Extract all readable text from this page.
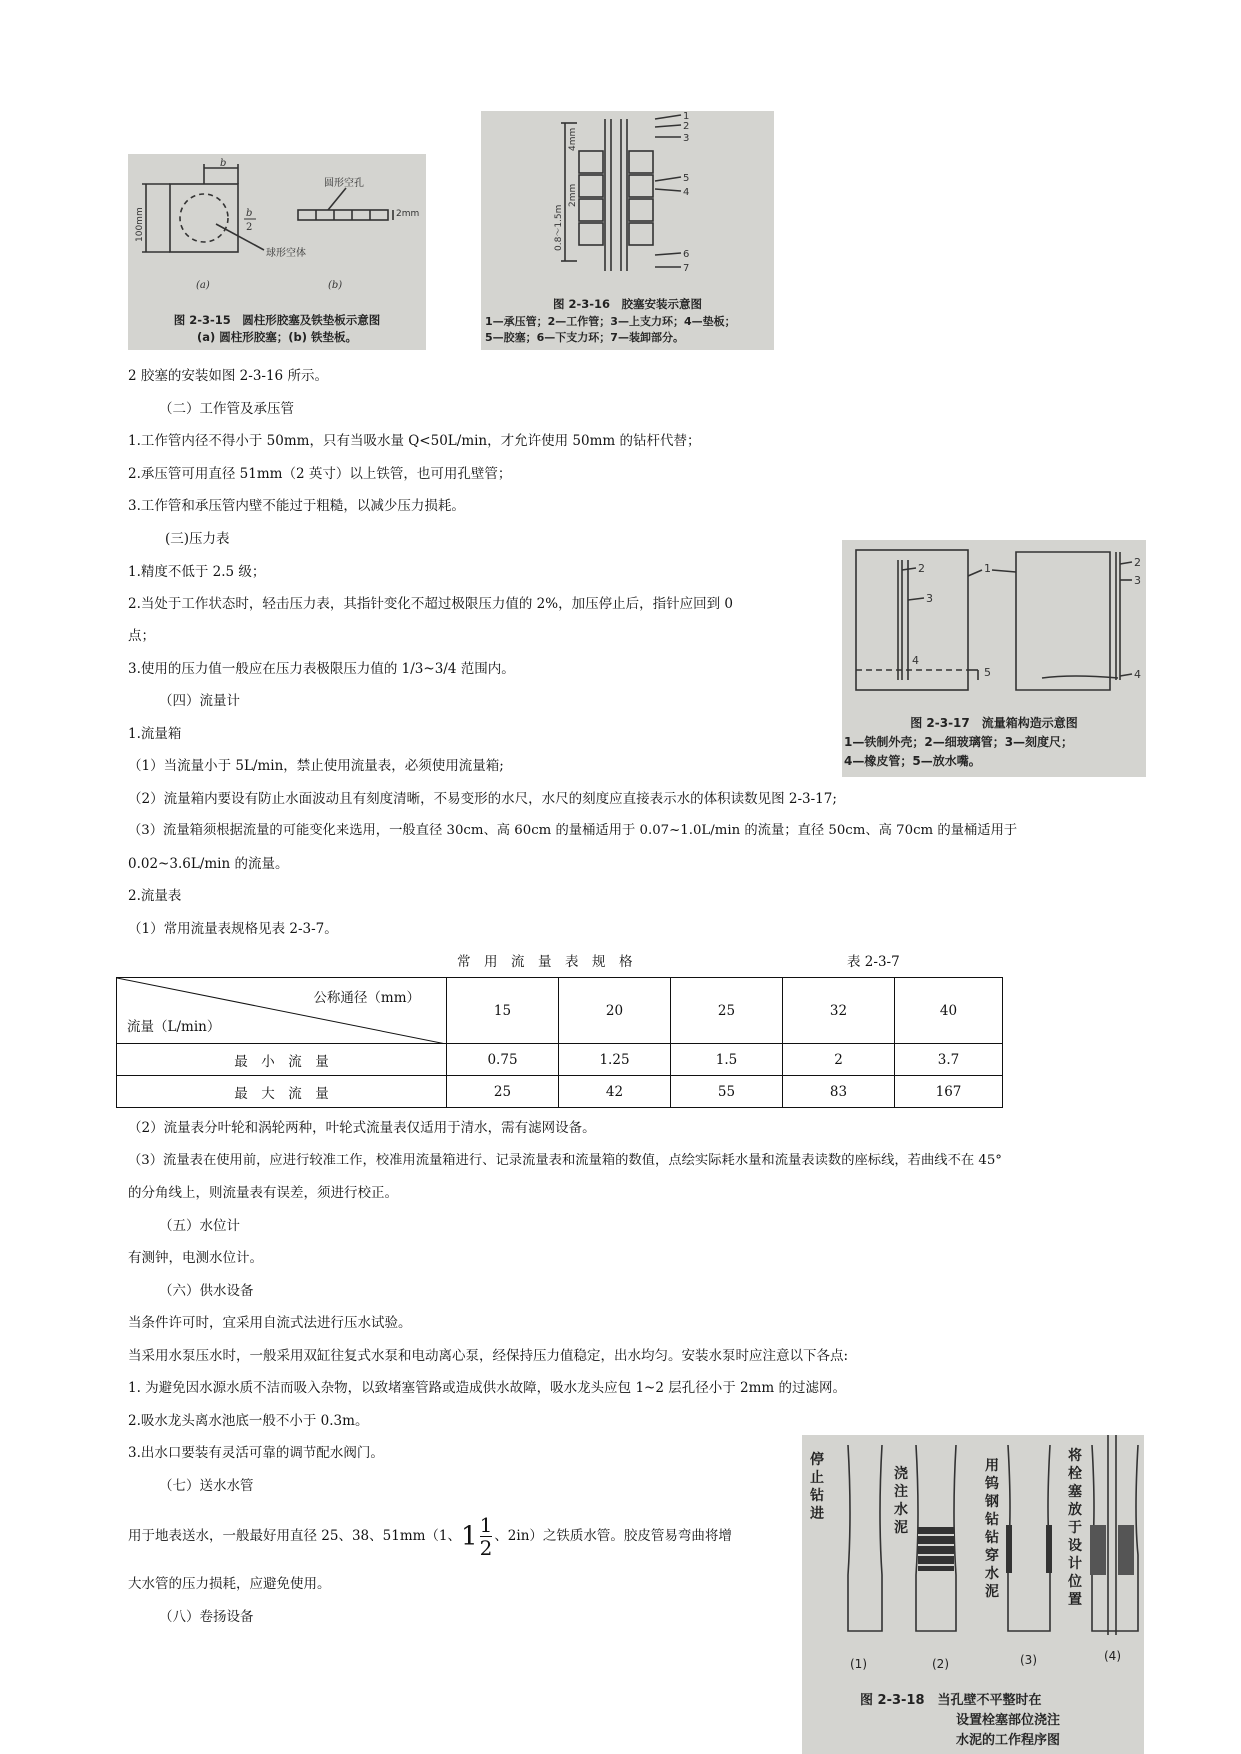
b
b
2
100mm
圆形空孔
2mm
球形空体
(a)	(b)
图 2-3-15　圆柱形胶塞及铁垫板示意图
(a) 圆柱形胶塞；(b) 铁垫板。
4mm
0.8～1.5m
2mm
1
2
3
5
4
6
7
图 2-3-16　胶塞安装示意图
1—承压管；2—工作管；3—上支力环；4—垫板；
5—胶塞；6—下支力环；7—装卸部分。
1
2
3
4
5
2
3
4
图 2-3-17　流量箱构造示意图
1—铁制外壳；2—细玻璃管；3—刻度尺；
4—橡皮管；5—放水嘴。
停止钻进
浇注水泥
用钨钢钻钻穿水泥
将栓塞放于设计位置
(1)	(2)	(3)	(4)
图 2-3-18　当孔壁不平整时在
设置栓塞部位浇注
水泥的工作程序图
2 胶塞的安装如图 2-3-16 所示。
（二）工作管及承压管
1.工作管内径不得小于 50mm，只有当吸水量 Q<50L/min，才允许使用 50mm 的钻杆代替；
2.承压管可用直径 51mm（2 英寸）以上铁管，也可用孔壁管；
3.工作管和承压管内壁不能过于粗糙，以减少压力损耗。
(三)压力表
1.精度不低于 2.5 级；
2.当处于工作状态时，轻击压力表，其指针变化不超过极限压力值的 2%，加压停止后，指针应回到 0
点；
3.使用的压力值一般应在压力表极限压力值的 1/3~3/4 范围内。
（四）流量计
1.流量箱
（1）当流量小于 5L/min，禁止使用流量表，必须使用流量箱;
（2）流量箱内要设有防止水面波动且有刻度清晰，不易变形的水尺，水尺的刻度应直接表示水的体积读数见图 2-3-17;
（3）流量箱须根据流量的可能变化来选用，一般直径 30cm、高 60cm 的量桶适用于 0.07~1.0L/min 的流量；直径 50cm、高 70cm 的量桶适用于
0.02~3.6L/min 的流量。
2.流量表
（1）常用流量表规格见表 2-3-7。
常　用　流　量　表　规　格	表 2-3-7
公称通径（mm）
流量（L/min）	15	20	25	32	40
最　小　流　量	0.75	1.25	1.5	2	3.7
最　大　流　量	25	42	55	83	167
（2）流量表分叶轮和涡轮两种，叶轮式流量表仅适用于清水，需有滤网设备。
（3）流量表在使用前，应进行较准工作，校准用流量箱进行、记录流量表和流量箱的数值，点绘实际耗水量和流量表读数的座标线，若曲线不在 45°
的分角线上，则流量表有误差，须进行校正。
（五）水位计
有测钟，电测水位计。
（六）供水设备
当条件许可时，宜采用自流式法进行压水试验。
当采用水泵压水时，一般采用双缸往复式水泵和电动离心泵，经保持压力值稳定，出水均匀。安装水泵时应注意以下各点:
1. 为避免因水源水质不洁而吸入杂物，以致堵塞管路或造成供水故障，吸水龙头应包 1~2 层孔径小于 2mm 的过滤网。
2.吸水龙头离水池底一般不小于 0.3m。
3.出水口要装有灵活可靠的调节配水阀门。
（七）送水水管
用于地表送水，一般最好用直径 25、38、51mm（1、$1 \frac{1}{2}$ 、2in）之铁质水管。胶皮管易弯曲将增
大水管的压力损耗，应避免使用。
（八）卷扬设备
